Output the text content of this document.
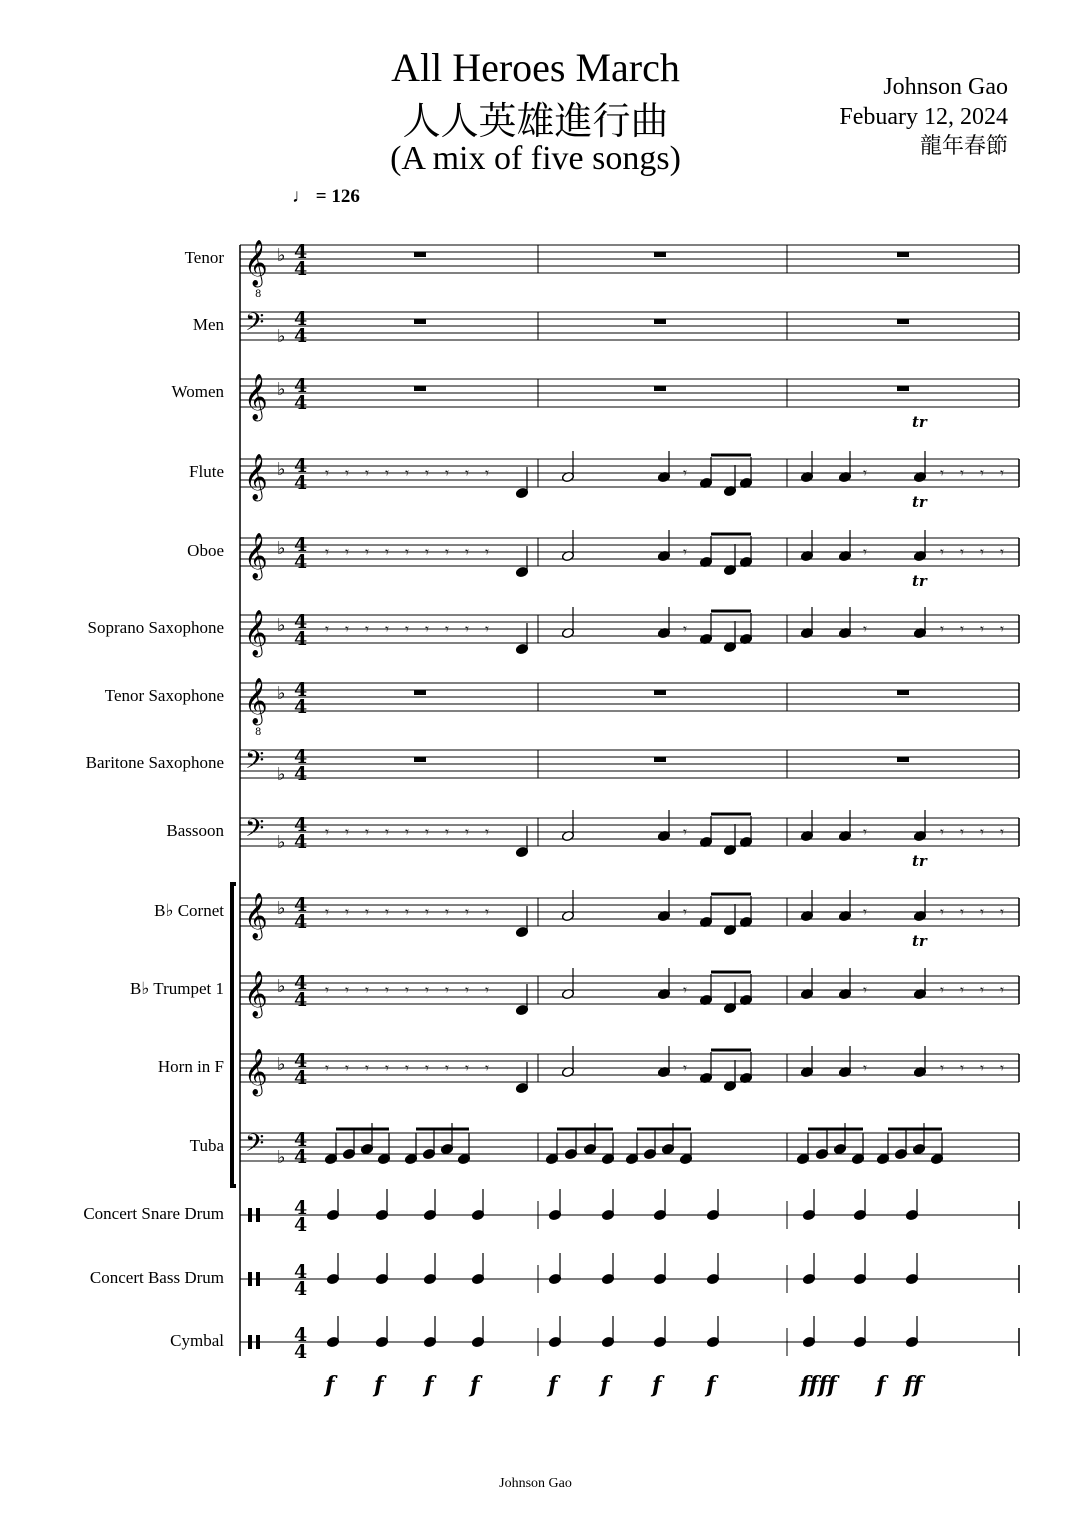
All Heroes March
人人英雄進行曲
(A mix of five songs)
Johnson Gao
Febuary 12, 2024
龍年春節
♩ = 126
Tenor
Men
Women
Flute
Oboe
Soprano Saxophone
Tenor Saxophone
Baritone Saxophone
Bassoon
B♭ Cornet
B♭ Trumpet 1
Horn in F
Tuba
Concert Snare Drum
Concert Bass Drum
Cymbal
𝄞
8
♭ 4
4
𝄢 ♭
4
4
𝄞 ♭ 4
4
𝄞 ♭ 4
4
𝄞 ♭ 4
4
𝄞 ♭ 4
4
𝄞
8
♭ 4
4
𝄢 ♭
4
4
𝄢 ♭
4
4
𝄞 ♭ 4
4
𝄞 ♭ 4
4
𝄞 ♭ 4
4
𝄢 ♭
4
4
4
4
4
4
4
4
𝄾 𝄾 𝄾 𝄾 𝄾 𝄾 𝄾 𝄾 𝄾	𝄾	𝄾	𝄾 𝄾 𝄾 𝄾
𝄾 𝄾 𝄾 𝄾 𝄾 𝄾 𝄾 𝄾 𝄾	𝄾	𝄾	𝄾 𝄾 𝄾 𝄾
𝄾 𝄾 𝄾 𝄾 𝄾 𝄾 𝄾 𝄾 𝄾	𝄾	𝄾	𝄾 𝄾 𝄾 𝄾
𝄾 𝄾 𝄾 𝄾 𝄾 𝄾 𝄾 𝄾 𝄾	𝄾	𝄾	𝄾 𝄾 𝄾 𝄾
𝄾 𝄾 𝄾 𝄾 𝄾 𝄾 𝄾 𝄾 𝄾	𝄾	𝄾	𝄾 𝄾 𝄾 𝄾
𝄾 𝄾 𝄾 𝄾 𝄾 𝄾 𝄾 𝄾 𝄾	𝄾	𝄾	𝄾 𝄾 𝄾 𝄾
𝄾 𝄾 𝄾 𝄾 𝄾 𝄾 𝄾 𝄾 𝄾	𝄾	𝄾	𝄾 𝄾 𝄾 𝄾
tr
tr
tr
tr
tr
f f f f	f f f f	ffff f ff
Johnson Gao
